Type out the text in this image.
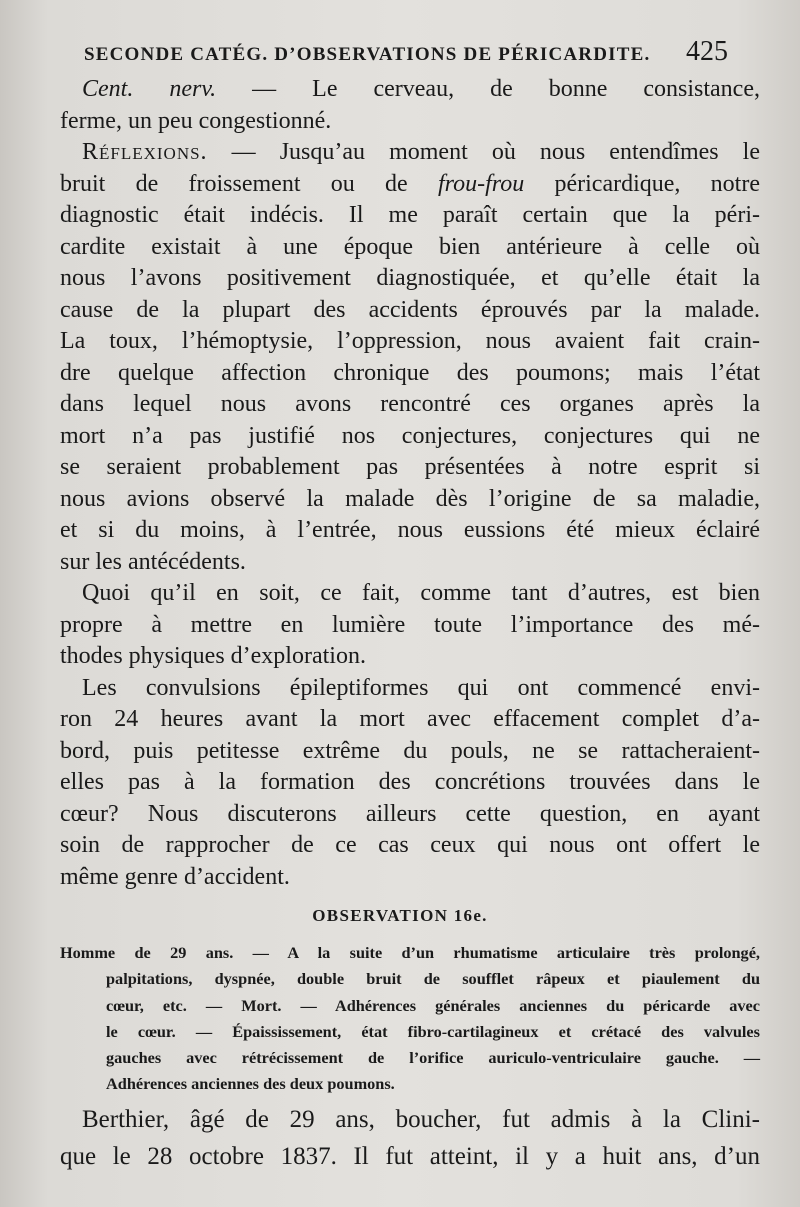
SECONDE CATÉG. D’OBSERVATIONS DE PÉRICARDITE. 425
Cent. nerv. — Le cerveau, de bonne consistance,
ferme, un peu congestionné.
Réflexions. — Jusqu’au moment où nous entendîmes le
bruit de froissement ou de frou-frou péricardique, notre
diagnostic était indécis. Il me paraît certain que la péri-
cardite existait à une époque bien antérieure à celle où
nous l’avons positivement diagnostiquée, et qu’elle était la
cause de la plupart des accidents éprouvés par la malade.
La toux, l’hémoptysie, l’oppression, nous avaient fait crain-
dre quelque affection chronique des poumons; mais l’état
dans lequel nous avons rencontré ces organes après la
mort n’a pas justifié nos conjectures, conjectures qui ne
se seraient probablement pas présentées à notre esprit si
nous avions observé la malade dès l’origine de sa maladie,
et si du moins, à l’entrée, nous eussions été mieux éclairé
sur les antécédents.
Quoi qu’il en soit, ce fait, comme tant d’autres, est bien
propre à mettre en lumière toute l’importance des mé-
thodes physiques d’exploration.
Les convulsions épileptiformes qui ont commencé envi-
ron 24 heures avant la mort avec effacement complet d’a-
bord, puis petitesse extrême du pouls, ne se rattacheraient-
elles pas à la formation des concrétions trouvées dans le
cœur? Nous discuterons ailleurs cette question, en ayant
soin de rapprocher de ce cas ceux qui nous ont offert le
même genre d’accident.
OBSERVATION 16e.
Homme de 29 ans. — A la suite d’un rhumatisme articulaire très prolongé,
palpitations, dyspnée, double bruit de soufflet râpeux et piaulement du
cœur, etc. — Mort. — Adhérences générales anciennes du péricarde avec
le cœur. — Épaississement, état fibro-cartilagineux et crétacé des valvules
gauches avec rétrécissement de l’orifice auriculo-ventriculaire gauche. —
Adhérences anciennes des deux poumons.
Berthier, âgé de 29 ans, boucher, fut admis à la Clini-
que le 28 octobre 1837. Il fut atteint, il y a huit ans, d’un
